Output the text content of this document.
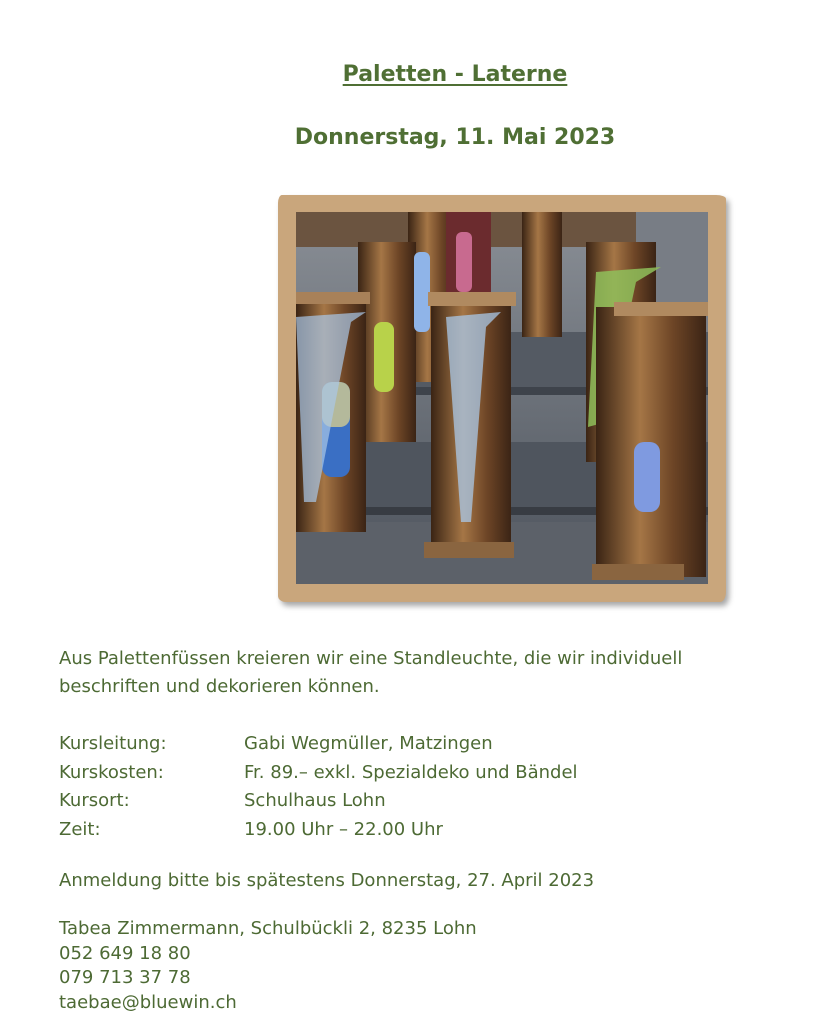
Paletten - Laterne
Donnerstag, 11. Mai 2023
Aus Palettenfüssen kreieren wir eine Standleuchte, die wir individuell
beschriften und dekorieren können.
Kursleitung:	Gabi Wegmüller, Matzingen
Kurskosten:	Fr. 89.– exkl. Spezialdeko und Bändel
Kursort:	Schulhaus Lohn
Zeit:	19.00 Uhr – 22.00 Uhr
Anmeldung bitte bis spätestens Donnerstag, 27. April 2023
Tabea Zimmermann, Schulbückli 2, 8235 Lohn
052 649 18 80
079 713 37 78
taebae@bluewin.ch
